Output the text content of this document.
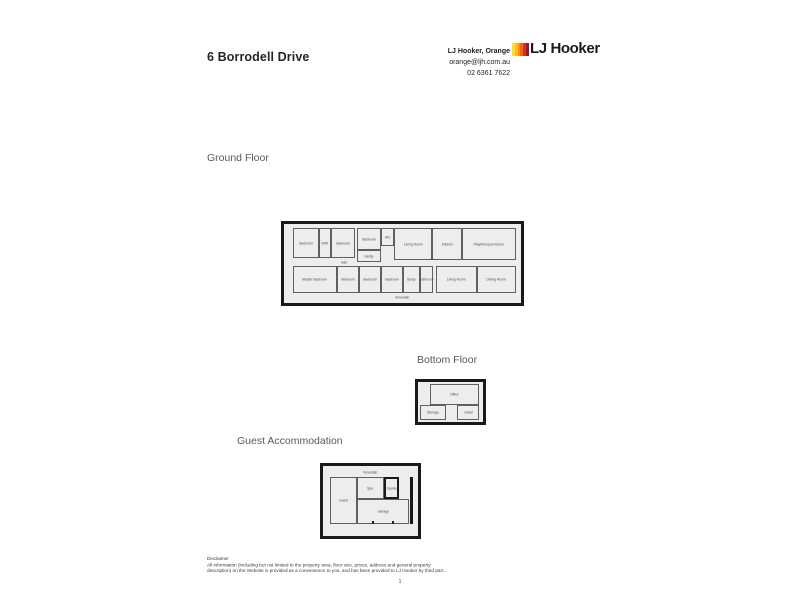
6 Borrodell Drive	LJ Hooker, Orange
orange@ljh.com.au
02 6361 7622
LJ Hooker
Ground Floor
Bedroom WIR Bedroom
Bedroom
Vanity
WC
Living Room Kitchen	Play/Rumpus Room
Hall
Master Bedroom Bedroom Bedroom Bedroom Study Bathroom Living Room	Dining Room
Verandah
Bottom Floor
Office
Storage	Cellar
Guest Accommodation
Verandah
Guest
Spa Sauna
Garage
Disclaimer
All information (including but not limited to the property area, floor size, prices, address and general property description) on the Website is provided as a convenience to you, and has been provided to LJ Hooker by third part...
1
